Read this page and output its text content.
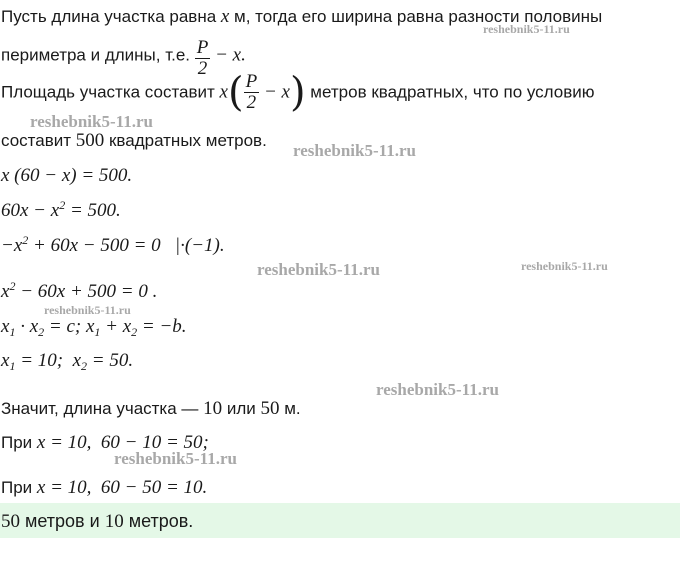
Пусть длина участка равна x м, тогда его ширина равна разности половины
периметра и длины, т.е. $\frac{P}{2} - x$.
Площадь участка составит $x( \frac{P}{2} - x)$ метров квадратных, что по условию
составит 500 квадратных метров.
x (60 − x) = 500.
$60x - x^2 = 500$.
$-x^2 + 60x - 500 = 0$   |·(−1).
$x^2 - 60x + 500 = 0$ .
$x_1 \cdot x_2 = c$; $x_1 + x_2 = -b$.
$x_1 = 10$;  $x_2 = 50$.
Значит, длина участка — 10 или 50 м.
При x = 10,  60 − 10 = 50;
При x = 10,  60 − 50 = 10.
50 метров и 10 метров.
reshebnik5-11.ru
reshebnik5-11.ru
reshebnik5-11.ru
reshebnik5-11.ru	reshebnik5-11.ru
reshebnik5-11.ru
reshebnik5-11.ru
reshebnik5-11.ru
